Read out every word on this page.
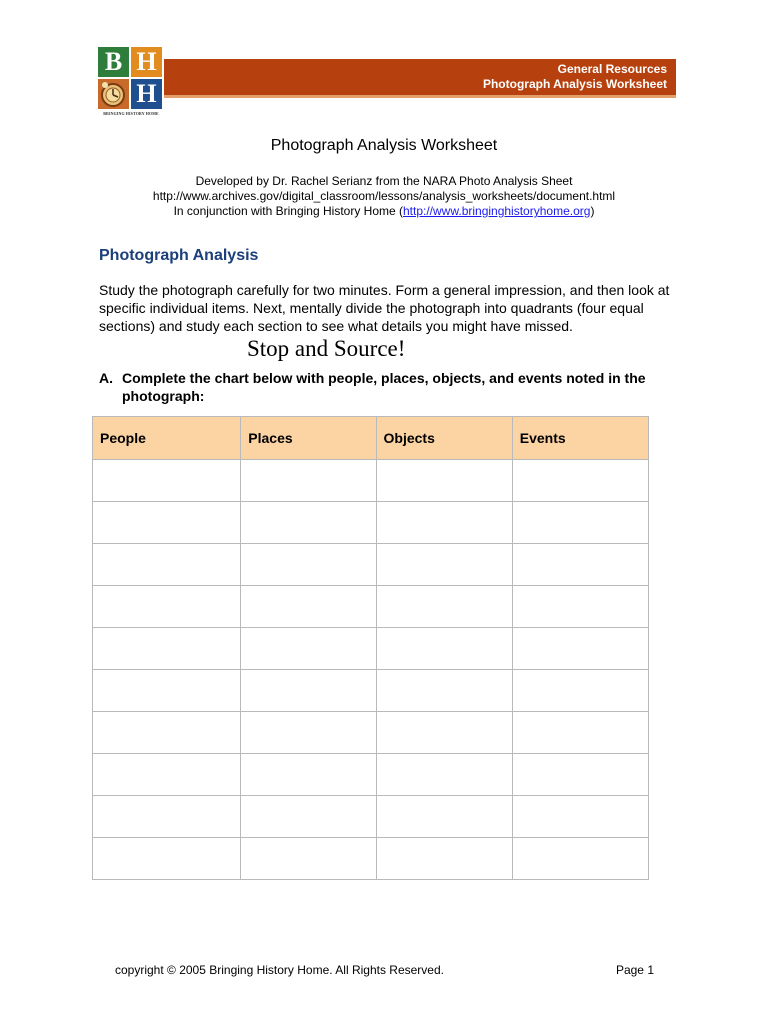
B H
H
BRINGING HISTORY HOME
General Resources
Photograph Analysis Worksheet
Photograph Analysis Worksheet
Developed by Dr. Rachel Serianz from the NARA Photo Analysis Sheet
http://www.archives.gov/digital_classroom/lessons/analysis_worksheets/document.html
In conjunction with Bringing History Home (http://www.bringinghistoryhome.org)
Photograph Analysis
Study the photograph carefully for two minutes. Form a general impression, and then look at specific individual items. Next, mentally divide the photograph into quadrants (four equal sections) and study each section to see what details you might have missed.
Stop and Source!
A. Complete the chart below with people, places, objects, and events noted in the photograph:
People	Places	Objects	Events

copyright © 2005 Bringing History Home. All Rights Reserved.	Page 1
